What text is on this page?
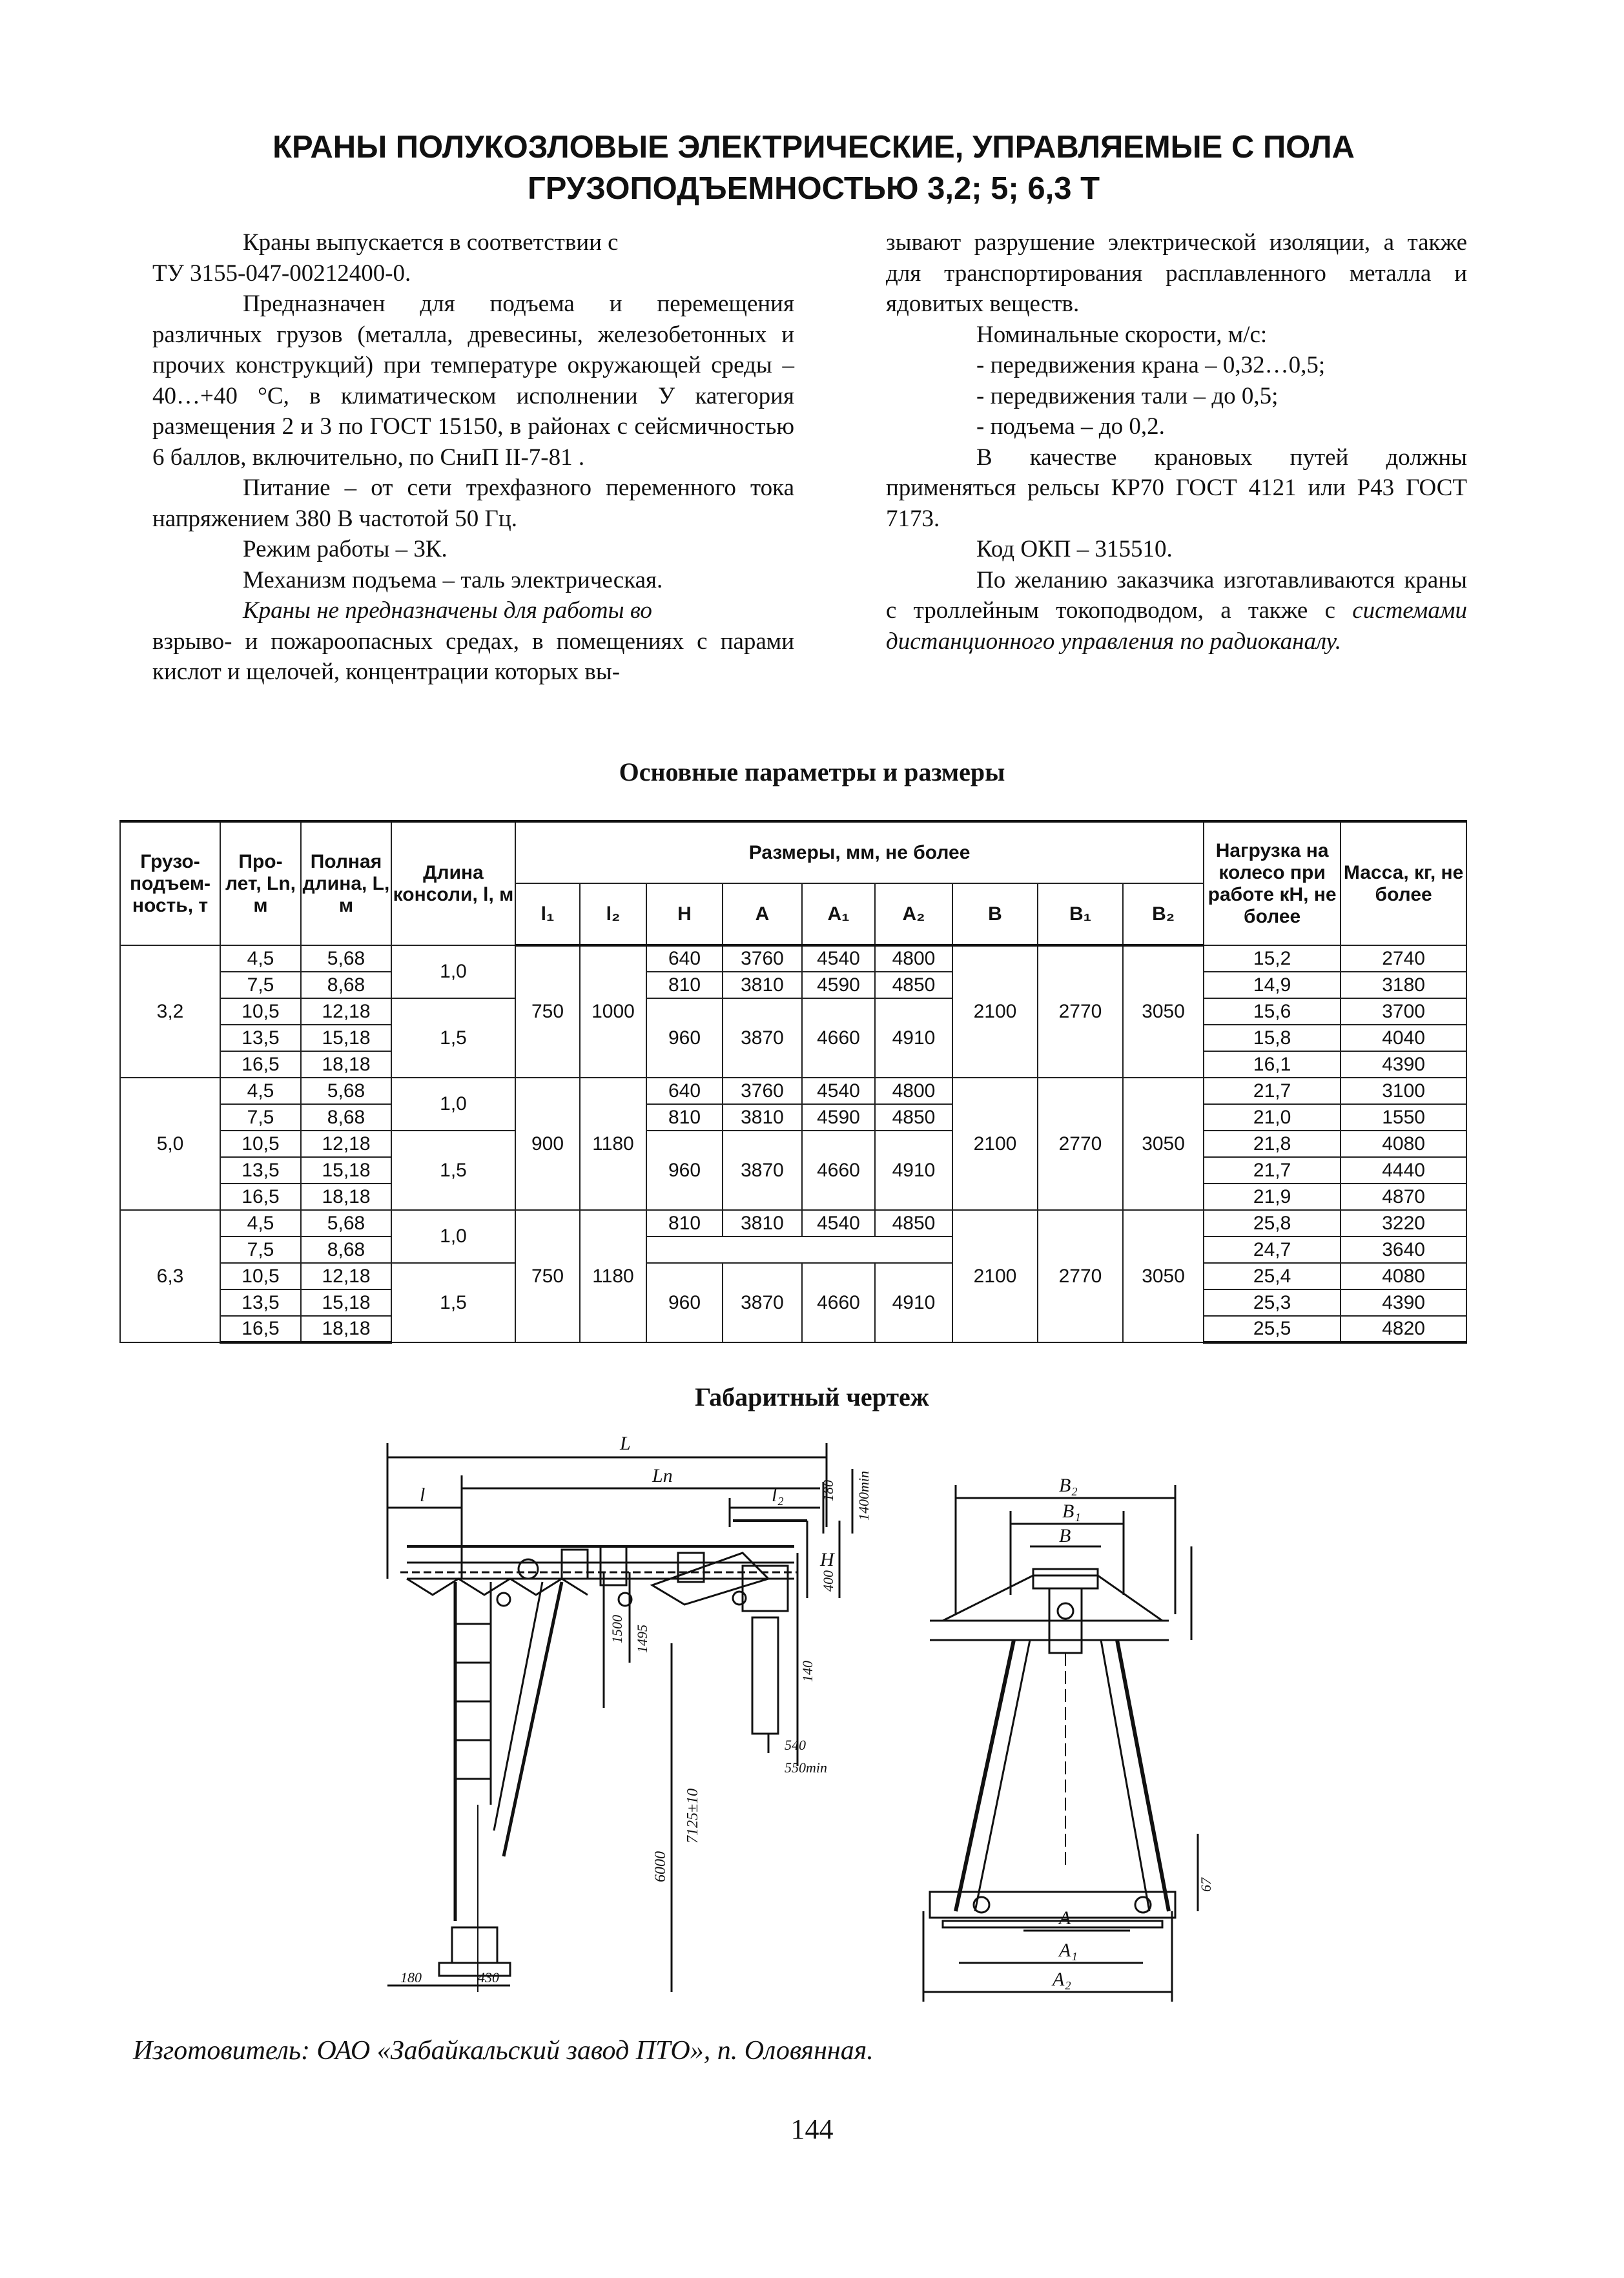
КРАНЫ ПОЛУКОЗЛОВЫЕ ЭЛЕКТРИЧЕСКИЕ, УПРАВЛЯЕМЫЕ С ПОЛА
ГРУЗОПОДЪЕМНОСТЬЮ 3,2; 5; 6,3 Т

Краны выпускается в соответствии с

ТУ 3155-047-00212400-0.

Предназначен для подъема и перемещения различных грузов (металла, древесины, железобетонных и прочих конструкций) при температуре окружающей среды –40…+40 °С, в климатическом исполнении У категория размещения 2 и 3 по ГОСТ 15150, в районах с сейсмичностью 6 баллов, включительно, по СниП II-7-81 .

Питание – от сети трехфазного переменного тока напряжением 380 В частотой 50 Гц.

Режим работы – 3К.

Механизм подъема – таль электрическая.

Краны не предназначены для работы во

взрыво- и пожароопасных средах, в помещениях с парами кислот и щелочей, концентрации которых вы-

зывают разрушение электрической изоляции, а также для транспортирования расплавленного металла и ядовитых веществ.

Номинальные скорости, м/с:

- передвижения крана – 0,32…0,5;

- передвижения тали – до 0,5;

- подъема – до 0,2.

В качестве крановых путей должны применяться рельсы КР70 ГОСТ 4121 или Р43 ГОСТ 7173.

Код ОКП – 315510.

По желанию заказчика изготавливаются краны с троллейным токоподводом, а также с системами дистанционного управления по радиоканалу.

Основные параметры и размеры
Грузо-подъем-ность, т	Про-лет, Ln, м	Полная длина, L, м	Длина консоли, l, м	Размеры, мм, не более									Нагрузка на колесо при работе кН, не более	Масса, кг, не более
				l₁	l₂	H	A	A₁	A₂	B	B₁	B₂		
3,2	4,5	5,68	1,0	750	1000	640	3760	4540	4800	2100	2770	3050	15,2	2740
	7,5	8,68				810	3810	4590	4850				14,9	3180
	10,5	12,18	1,5			960	3870	4660	4910				15,6	3700
	13,5	15,18											15,8	4040
	16,5	18,18											16,1	4390
5,0	4,5	5,68	1,0	900	1180	640	3760	4540	4800	2100	2770	3050	21,7	3100
	7,5	8,68				810	3810	4590	4850				21,0	1550
	10,5	12,18	1,5			960	3870	4660	4910				21,8	4080
	13,5	15,18											21,7	4440
	16,5	18,18											21,9	4870
6,3	4,5	5,68	1,0	750	1180	810	3810	4540	4850	2100	2770	3050	25,8	3220
	7,5	8,68											24,7	3640
	10,5	12,18	1,5			960	3870	4660	4910				25,4	4080
	13,5	15,18											25,3	4390
	16,5	18,18											25,5	4820
Габаритный чертеж
L
Ln
l	l₂	180 1400min
H
400
1500 1495
140
540
550min
6000
7125±10
180	430
B₂
B₁
B
A
A₁
A₂
67
Изготовитель: ОАО «Забайкальский завод ПТО», п. Оловянная.
144
